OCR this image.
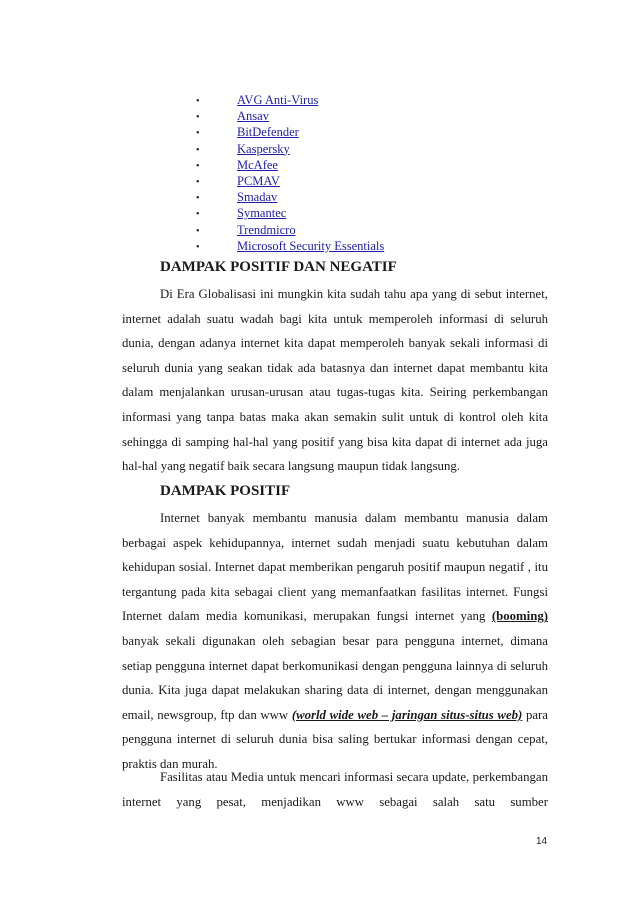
•	AVG Anti-Virus
•	Ansav
•	BitDefender
•	Kaspersky
•	McAfee
•	PCMAV
•	Smadav
•	Symantec
•	Trendmicro
•	Microsoft Security Essentials
DAMPAK POSITIF DAN NEGATIF

Di Era Globalisasi ini mungkin kita sudah tahu apa yang di sebut internet, internet adalah suatu wadah bagi kita untuk memperoleh informasi di seluruh dunia, dengan adanya internet kita dapat memperoleh banyak sekali informasi di seluruh dunia yang seakan tidak ada batasnya dan internet dapat membantu kita dalam menjalankan urusan-urusan atau tugas-tugas kita. Seiring perkembangan informasi yang tanpa batas maka akan semakin sulit untuk di kontrol oleh kita sehingga di samping hal-hal yang positif yang bisa kita dapat di internet ada juga hal-hal yang negatif baik secara langsung maupun tidak langsung.

DAMPAK POSITIF

Internet banyak membantu manusia dalam membantu manusia dalam berbagai aspek kehidupannya, internet sudah menjadi suatu kebutuhan dalam kehidupan sosial. Internet dapat memberikan pengaruh positif maupun negatif , itu tergantung pada kita sebagai client yang memanfaatkan fasilitas internet. Fungsi Internet dalam media komunikasi, merupakan fungsi internet yang (booming) banyak sekali digunakan oleh sebagian besar para pengguna internet, dimana setiap pengguna internet dapat berkomunikasi dengan pengguna lainnya di seluruh dunia. Kita juga dapat melakukan sharing data di internet, dengan menggunakan email, newsgroup, ftp dan www (world wide web – jaringan situs-situs web) para pengguna internet di seluruh dunia bisa saling bertukar informasi dengan cepat, praktis dan murah.

Fasilitas atau Media untuk mencari informasi secara update, perkembangan internet yang pesat, menjadikan www sebagai salah satu sumber

14
